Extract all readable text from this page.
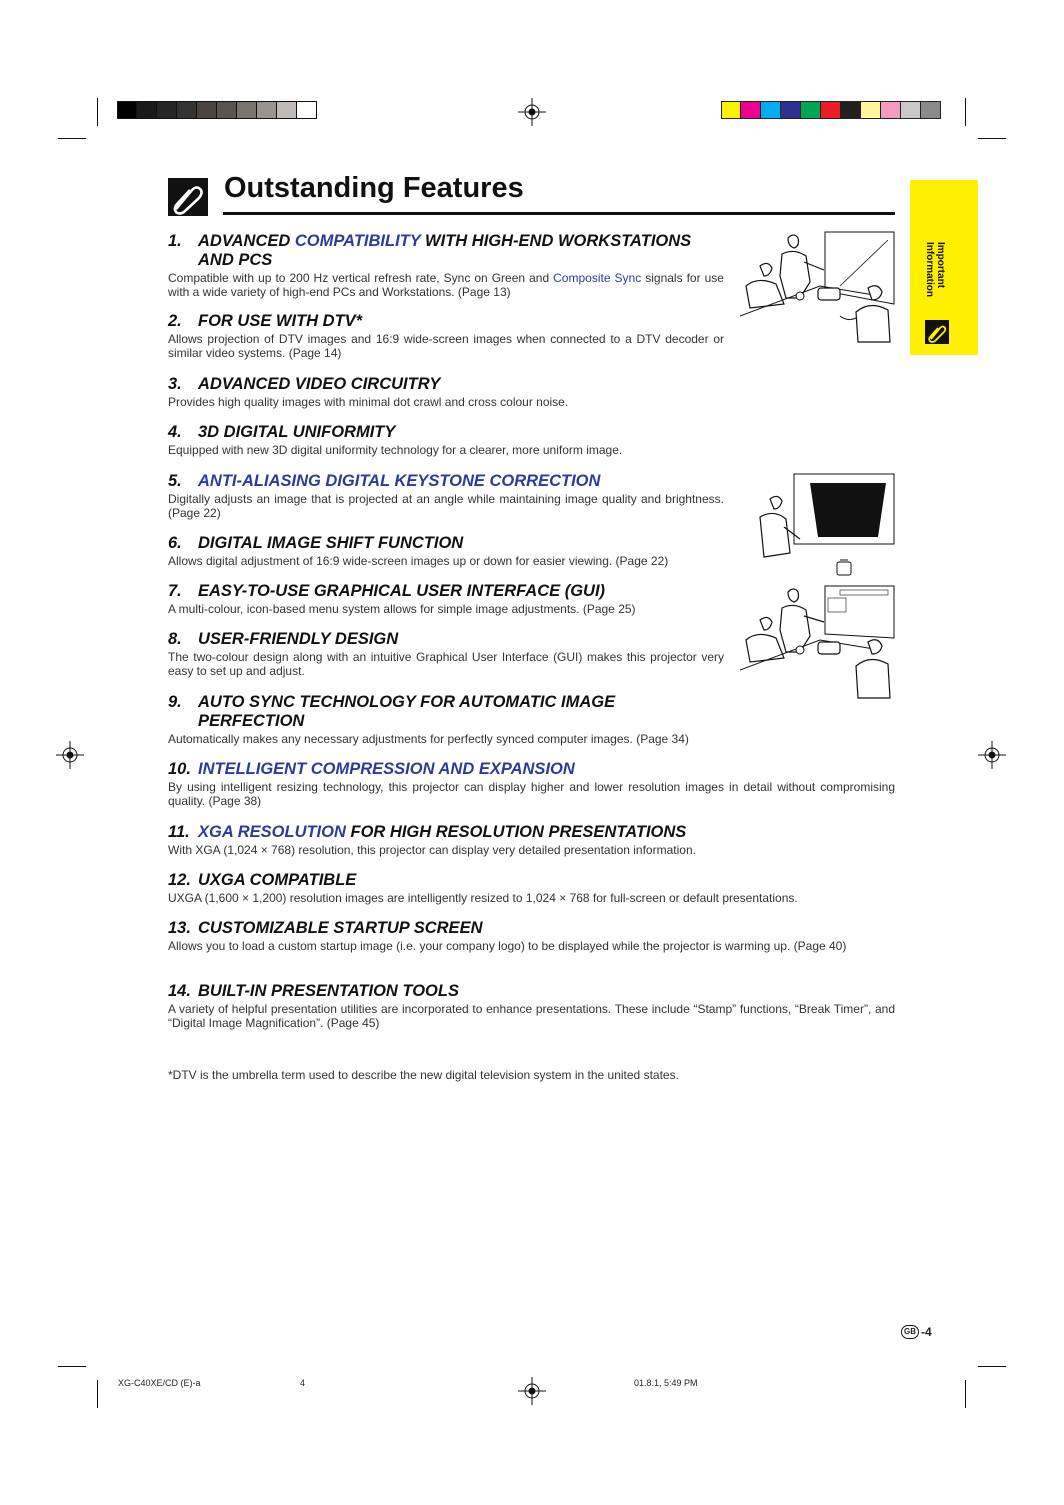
Important
Information
Outstanding Features
1. ADVANCED COMPATIBILITY WITH HIGH-END WORKSTATIONS
AND PCS

Compatible with up to 200 Hz vertical refresh rate, Sync on Green and Composite Sync signals for use with a wide variety of high-end PCs and Workstations. (Page 13)

2. FOR USE WITH DTV*

Allows projection of DTV images and 16:9 wide-screen images when connected to a DTV decoder or similar video systems. (Page 14)

3. ADVANCED VIDEO CIRCUITRY

Provides high quality images with minimal dot crawl and cross colour noise.

4. 3D DIGITAL UNIFORMITY

Equipped with new 3D digital uniformity technology for a clearer, more uniform image.

5. ANTI-ALIASING DIGITAL KEYSTONE CORRECTION

Digitally adjusts an image that is projected at an angle while maintaining image quality and brightness. (Page 22)

6. DIGITAL IMAGE SHIFT FUNCTION

Allows digital adjustment of 16:9 wide-screen images up or down for easier viewing. (Page 22)

7. EASY-TO-USE GRAPHICAL USER INTERFACE (GUI)

A multi-colour, icon-based menu system allows for simple image adjustments. (Page 25)

8. USER-FRIENDLY DESIGN

The two-colour design along with an intuitive Graphical User Interface (GUI) makes this projector very easy to set up and adjust.

9. AUTO SYNC TECHNOLOGY FOR AUTOMATIC IMAGE
PERFECTION

Automatically makes any necessary adjustments for perfectly synced computer images. (Page 34)

10. INTELLIGENT COMPRESSION AND EXPANSION

By using intelligent resizing technology, this projector can display higher and lower resolution images in detail without compromising quality. (Page 38)

11. XGA RESOLUTION FOR HIGH RESOLUTION PRESENTATIONS

With XGA (1,024 × 768) resolution, this projector can display very detailed presentation information.

12. UXGA COMPATIBLE

UXGA (1,600 × 1,200) resolution images are intelligently resized to 1,024 × 768 for full-screen or default presentations.

13. CUSTOMIZABLE STARTUP SCREEN

Allows you to load a custom startup image (i.e. your company logo) to be displayed while the projector is warming up. (Page 40)

14. BUILT-IN PRESENTATION TOOLS

A variety of helpful presentation utilities are incorporated to enhance presentations. These include “Stamp” functions, “Break Timer”, and “Digital Image Magnification”. (Page 45)

*DTV is the umbrella term used to describe the new digital television system in the united states.
GB -4
XG-C40XE/CD (E)-a	4	01.8.1, 5:49 PM
